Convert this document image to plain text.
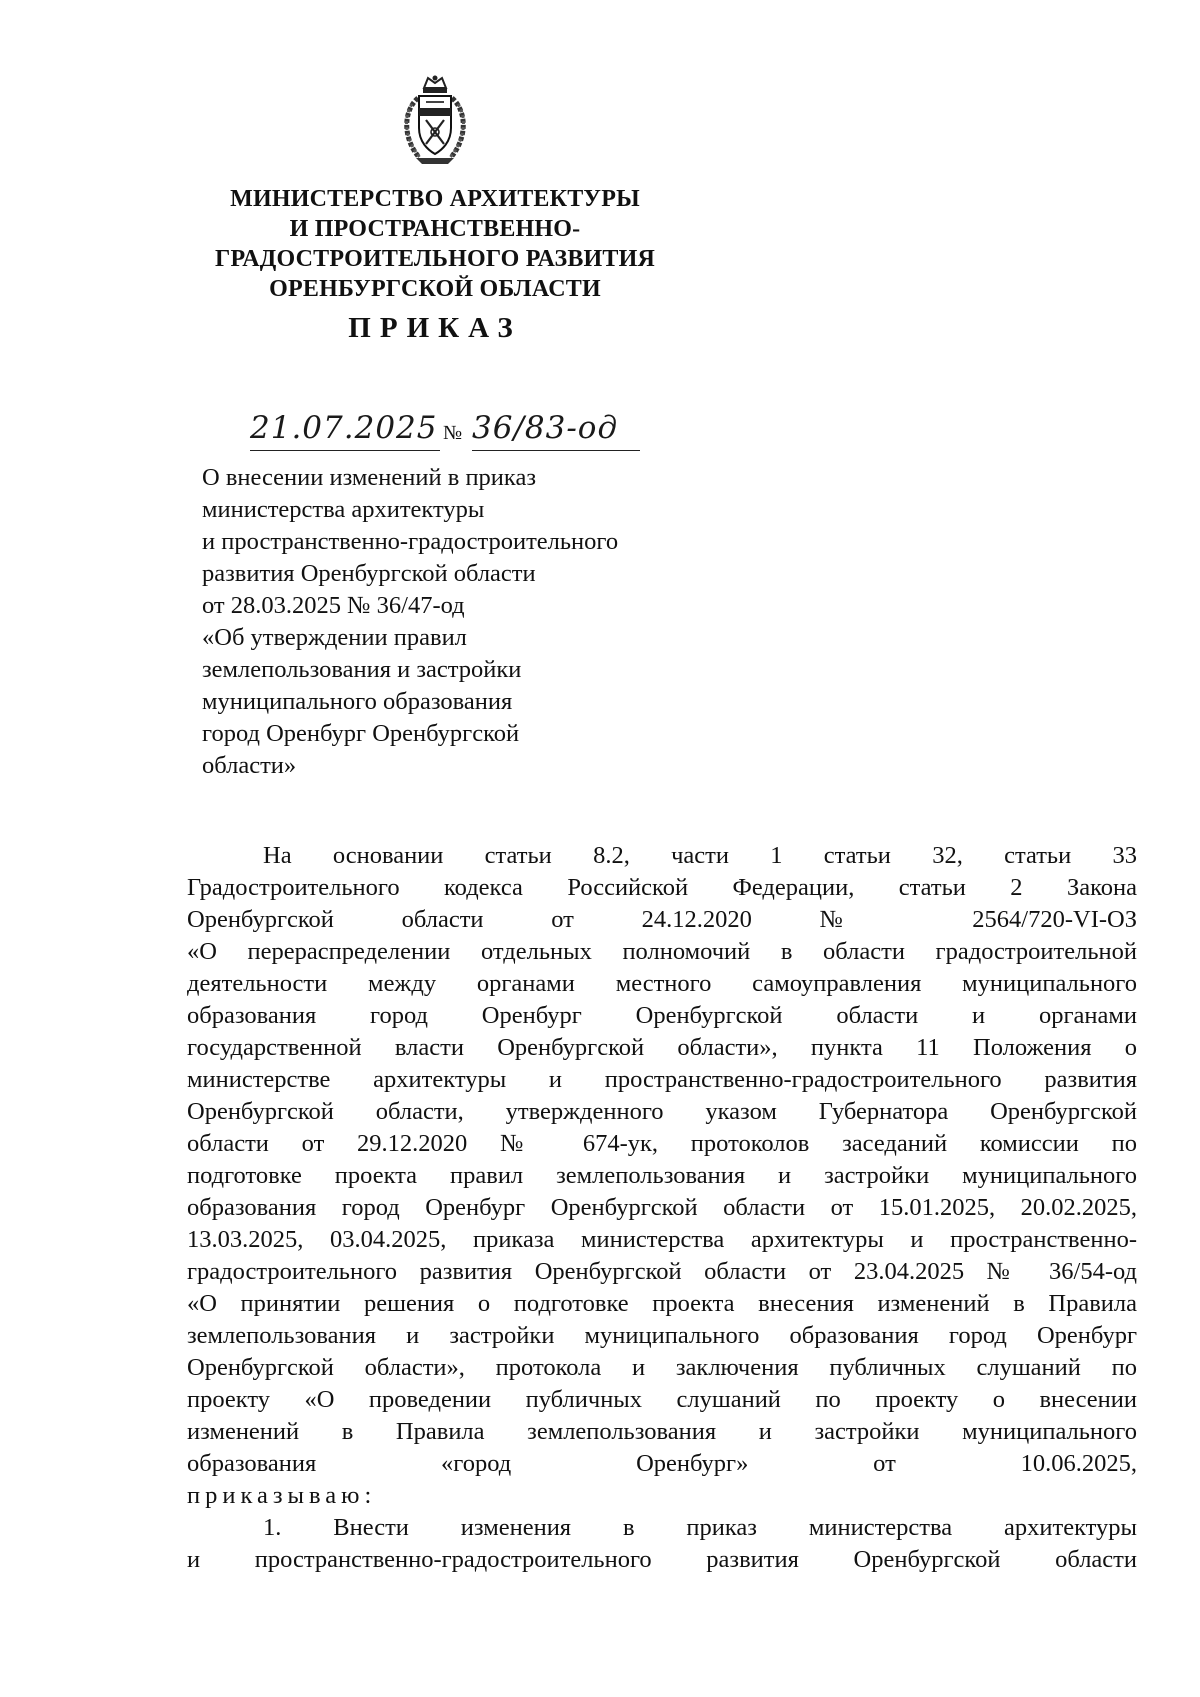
МИНИСТЕРСТВО АРХИТЕКТУРЫ
И ПРОСТРАНСТВЕННО-
ГРАДОСТРОИТЕЛЬНОГО РАЗВИТИЯ
ОРЕНБУРГСКОЙ ОБЛАСТИ
ПРИКАЗ
21.07.2025 № 36/83-од
О внесении изменений в приказ
министерства архитектуры
и пространственно-градостроительного
развития Оренбургской области
от 28.03.2025 № 36/47-од
«Об утверждении правил
землепользования и застройки
муниципального образования
город Оренбург Оренбургской
области»
На основании статьи 8.2, части 1 статьи 32, статьи 33
Градостроительного кодекса Российской Федерации, статьи 2 Закона
Оренбургской области от 24.12.2020 № 2564/720-VI-ОЗ
«О перераспределении отдельных полномочий в области градостроительной
деятельности между органами местного самоуправления муниципального
образования город Оренбург Оренбургской области и органами
государственной власти Оренбургской области», пункта 11 Положения о
министерстве архитектуры и пространственно-градостроительного развития
Оренбургской области, утвержденного указом Губернатора Оренбургской
области от 29.12.2020 № 674-ук, протоколов заседаний комиссии по
подготовке проекта правил землепользования и застройки муниципального
образования город Оренбург Оренбургской области от 15.01.2025, 20.02.2025,
13.03.2025, 03.04.2025, приказа министерства архитектуры и пространственно-
градостроительного развития Оренбургской области от 23.04.2025 № 36/54-од
«О принятии решения о подготовке проекта внесения изменений в Правила
землепользования и застройки муниципального образования город Оренбург
Оренбургской области», протокола и заключения публичных слушаний по
проекту «О проведении публичных слушаний по проекту о внесении
изменений в Правила землепользования и застройки муниципального
образования «город Оренбург» от 10.06.2025,
приказываю:
1. Внести изменения в приказ министерства архитектуры
и пространственно-градостроительного развития Оренбургской области
